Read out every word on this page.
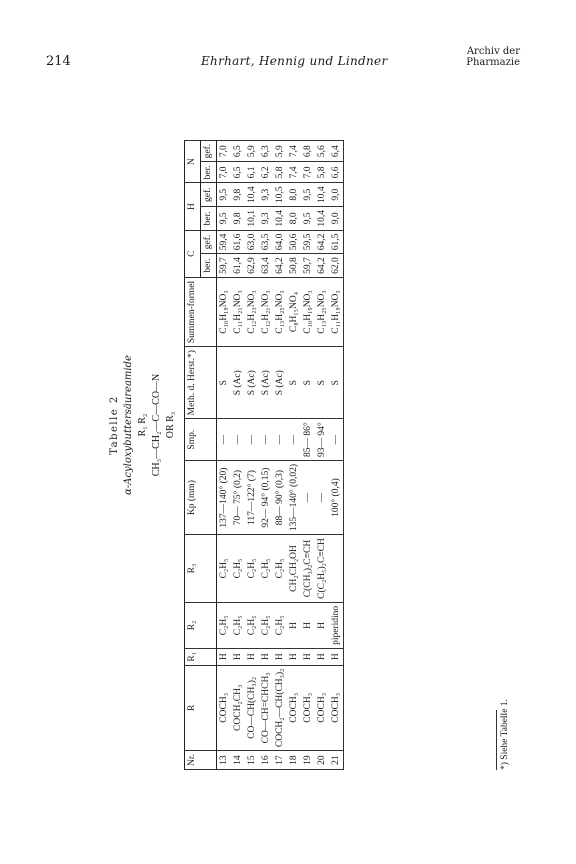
214	Ehrhart, Hennig und Lindner
Archiv der
Pharmazie
Tabelle 2 α-Acyloxybuttersäureamide R₁ R₂ CH₃—CH₂—C—CO—N OR R₃
Nr.	R	R₁	R₂	R₃	Kp (mm)	Smp.	Meth. d. Herst.*)	Summen-formel	C		H		N	
									ber.	gef.	ber.	gef.	ber.	gef.
13	COCH₃	H	C₂H₅	C₂H₅	137—140° (20)	—	S	C₁₀H₁₉NO₃	59,7	59,4	9,5	9,5	7,0	7,0
14	COCH₂CH₃	H	C₂H₅	C₂H₅	70— 75° (0,2)	—	S (Ac)	C₁₁H₂₁NO₃	61,4	61,6	9,8	9,8	6,5	6,5
15	CO—CH(CH₃)₂	H	C₂H₅	C₂H₅	117—122° (7)	—	S (Ac)	C₁₂H₂₃NO₃	62,9	63,0	10,1	10,4	6,1	5,9
16	CO—CH=CHCH₃	H	C₂H₅	C₂H₅	92— 94° (0,15)	—	S (Ac)	C₁₂H₂₁NO₃	63,4	63,5	9,3	9,3	6,2	6,3
17	COCH₂—CH(CH₃)₂	H	C₂H₅	C₂H₅	88— 90° (0,3)	—	S (Ac)	C₁₃H₂₅NO₃	64,2	64,0	10,4	10,5	5,8	5,9
18	COCH₃	H	H	CH₂CH₂OH	135—140° (0,02)	—	S	C₈H₁₅NO₄	50,8	50,6	8,0	8,0	7,4	7,4
19	COCH₃	H	H	C(CH₃)₂C≡CH	—	85— 86°	S	C₁₀H₁₉NO₃	59,7	59,5	9,5	9,5	7,0	6,8
20	COCH₃	H	H	C(C₂H₅)₂C≡CH	—	93— 94°	S	C₁₃H₂₅NO₃	64,2	64,2	10,4	10,4	5,8	5,6
21	COCH₃	H	piperidino		100° (0,4)	—	S	C₁₁H₁₉NO₃	62,0	61,5	9,0	9,0	6,6	6,4
*) Siehe Tabelle 1.
